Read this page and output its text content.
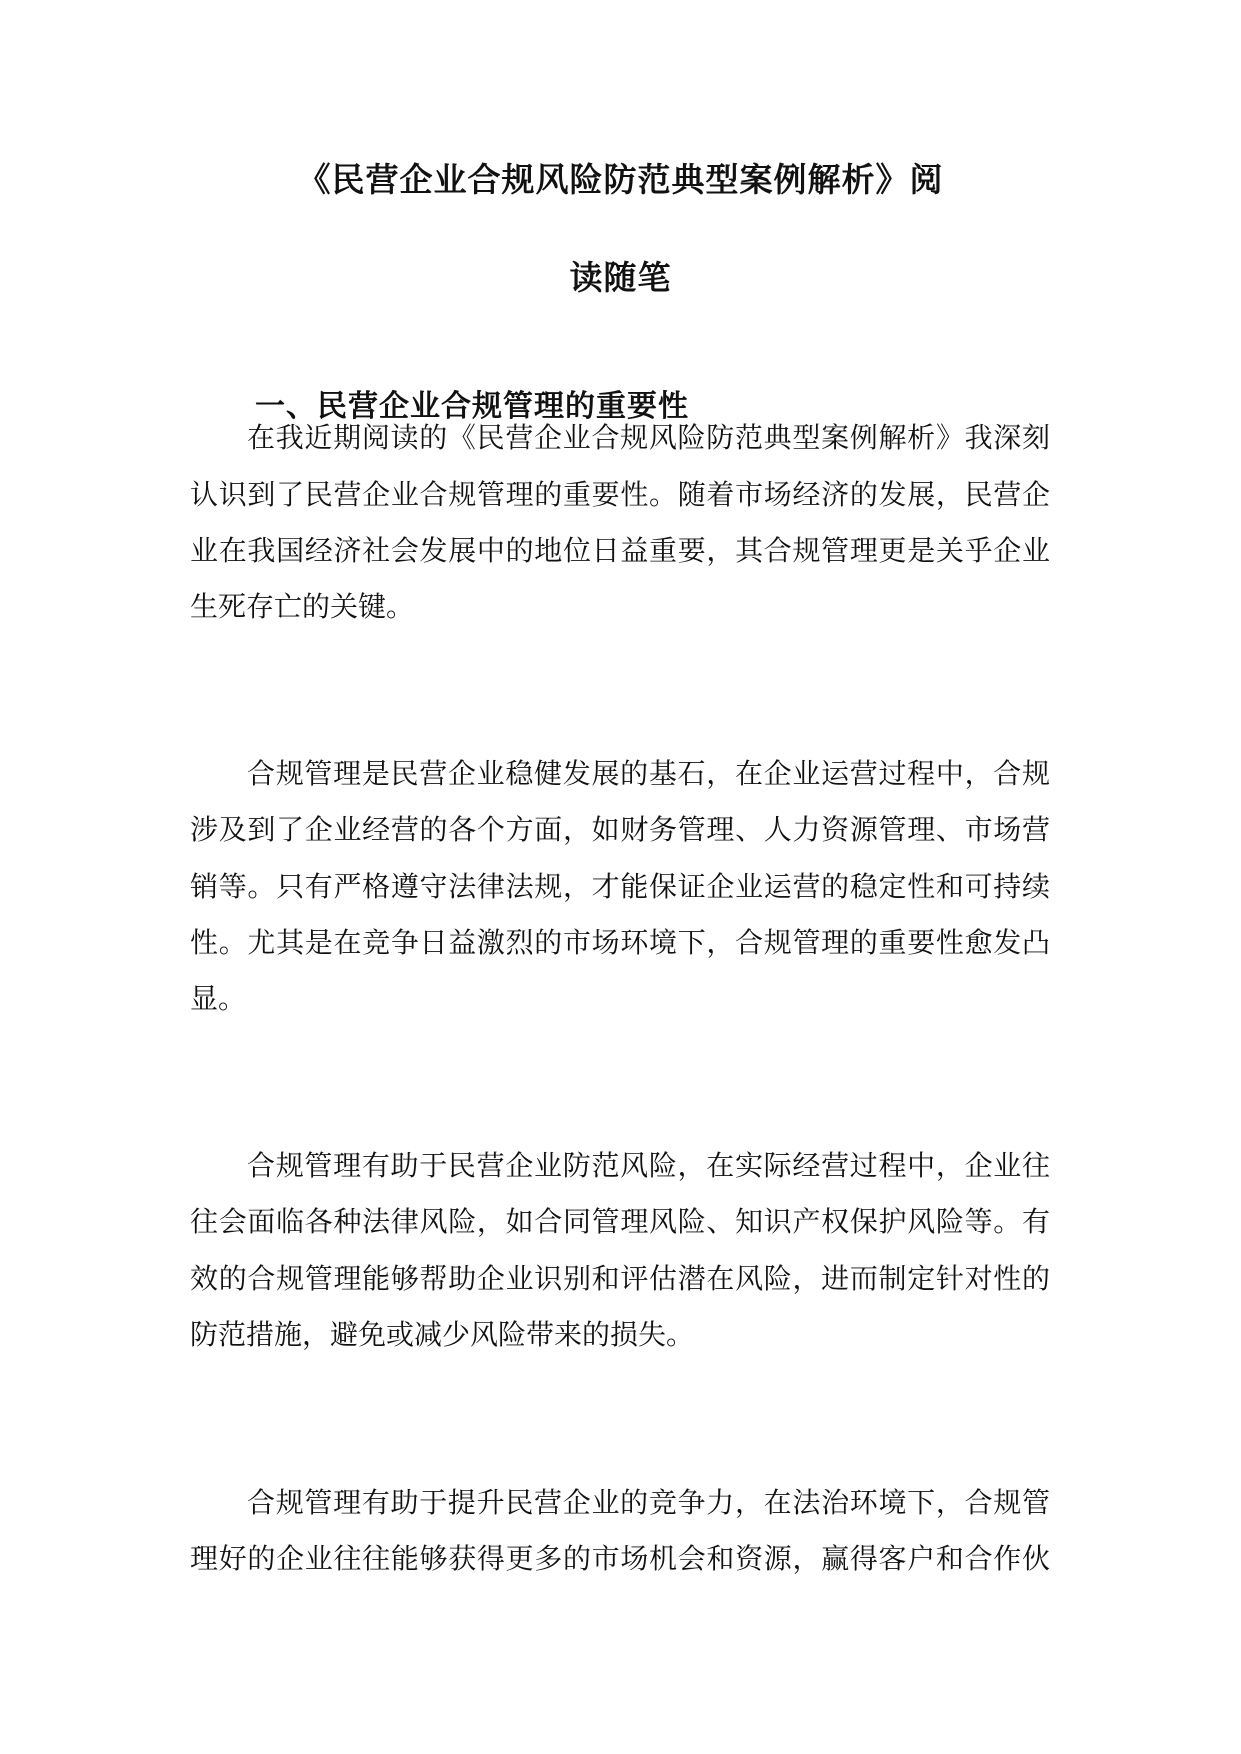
《民营企业合规风险防范典型案例解析》阅
读随笔
一、民营企业合规管理的重要性
在我近期阅读的《民营企业合规风险防范典型案例解析》我深刻
认识到了民营企业合规管理的重要性。随着市场经济的发展，民营企
业在我国经济社会发展中的地位日益重要，其合规管理更是关乎企业
生死存亡的关键。
合规管理是民营企业稳健发展的基石，在企业运营过程中，合规
涉及到了企业经营的各个方面，如财务管理、人力资源管理、市场营
销等。只有严格遵守法律法规，才能保证企业运营的稳定性和可持续
性。尤其是在竞争日益激烈的市场环境下，合规管理的重要性愈发凸
显。
合规管理有助于民营企业防范风险，在实际经营过程中，企业往
往会面临各种法律风险，如合同管理风险、知识产权保护风险等。有
效的合规管理能够帮助企业识别和评估潜在风险，进而制定针对性的
防范措施，避免或减少风险带来的损失。
合规管理有助于提升民营企业的竞争力，在法治环境下，合规管
理好的企业往往能够获得更多的市场机会和资源，赢得客户和合作伙
